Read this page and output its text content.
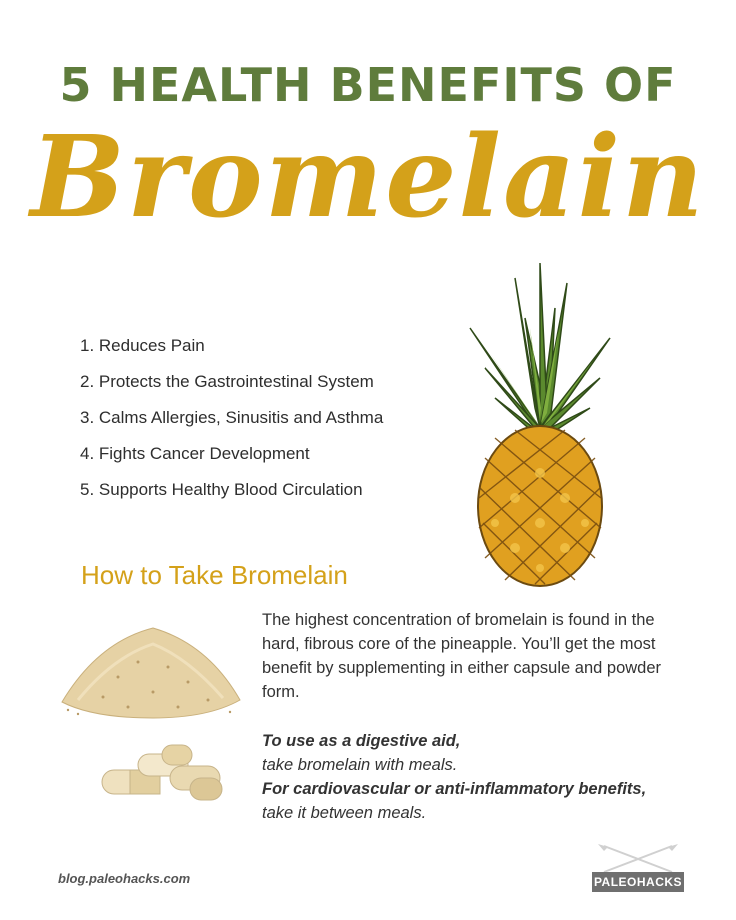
5 HEALTH BENEFITS OF
Bromelain
1. Reduces Pain
2. Protects the Gastrointestinal System
3. Calms Allergies, Sinusitis and Asthma
4. Fights Cancer Development
5. Supports Healthy Blood Circulation
How to Take Bromelain

The highest concentration of bromelain is found in the hard, fibrous core of the pineapple. You’ll get the most benefit by supplementing in either capsule and powder form.

To use as a digestive aid,
take bromelain with meals.
For cardiovascular or anti-inflammatory benefits,
take it between meals.
blog.paleohacks.com	PALEOHACKS
